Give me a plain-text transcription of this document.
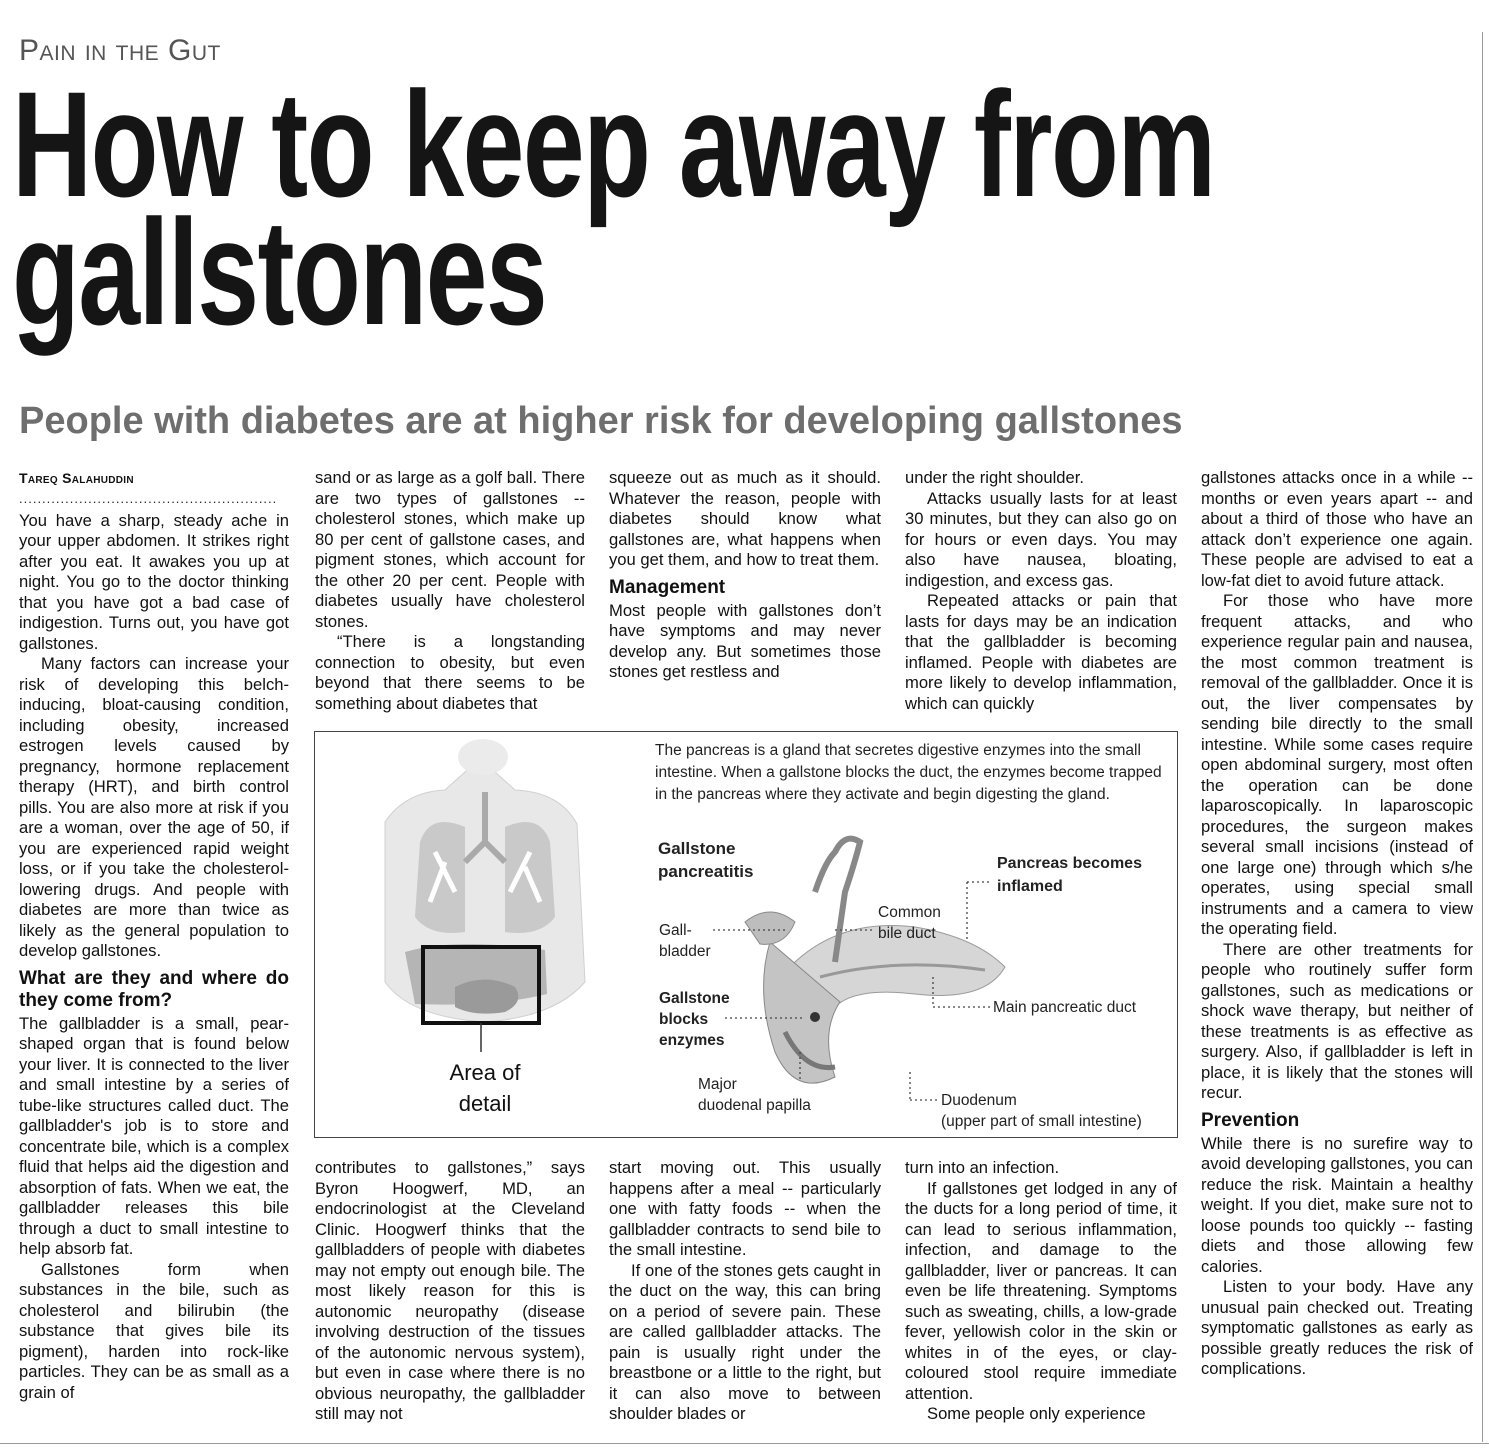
Pain in the Gut
How to keep away from
gallstones
People with diabetes are at higher risk for developing gallstones
Tareq Salahuddin
........................................................

You have a sharp, steady ache in your upper abdomen. It strikes right after you eat. It awakes you up at night. You go to the doctor thinking that you have got a bad case of indigestion. Turns out, you have got gallstones.

Many factors can increase your risk of developing this belch-inducing, bloat-causing condition, including obesity, increased estrogen levels caused by pregnancy, hormone replacement therapy (HRT), and birth control pills. You are also more at risk if you are a woman, over the age of 50, if you are experienced rapid weight loss, or if you take the cholesterol-lowering drugs. And people with diabetes are more than twice as likely as the general population to develop gallstones.

What are they and where do they come from?

The gallbladder is a small, pear-shaped organ that is found below your liver. It is connected to the liver and small intestine by a series of tube-like structures called duct. The gallbladder's job is to store and concentrate bile, which is a complex fluid that helps aid the digestion and absorption of fats. When we eat, the gallbladder releases this bile through a duct to small intestine to help absorb fat.

Gallstones form when substances in the bile, such as cholesterol and bilirubin (the substance that gives bile its pigment), harden into rock-like particles. They can be as small as a grain of

sand or as large as a golf ball. There are two types of gallstones -- cholesterol stones, which make up 80 per cent of gallstone cases, and pigment stones, which account for the other 20 per cent. People with diabetes usually have cholesterol stones.

“There is a longstanding connection to obesity, but even beyond that there seems to be something about diabetes that

squeeze out as much as it should. Whatever the reason, people with diabetes should know what gallstones are, what happens when you get them, and how to treat them.

Management

Most people with gallstones don’t have symptoms and may never develop any. But sometimes those stones get restless and

under the right shoulder.

Attacks usually lasts for at least 30 minutes, but they can also go on for hours or even days. You may also have nausea, bloating, indigestion, and excess gas.

Repeated attacks or pain that lasts for days may be an indication that the gallbladder is becoming inflamed. People with diabetes are more likely to develop inflammation, which can quickly

gallstones attacks once in a while -- months or even years apart -- and about a third of those who have an attack don’t experience one again. These people are advised to eat a low-fat diet to avoid future attack.

For those who have more frequent attacks, and who experience regular pain and nausea, the most common treatment is removal of the gallbladder. Once it is out, the liver compensates by sending bile directly to the small intestine. While some cases require open abdominal surgery, most often the operation can be done laparoscopically. In laparoscopic procedures, the surgeon makes several small incisions (instead of one large one) through which s/he operates, using special small instruments and a camera to view the operating field.

There are other treatments for people who routinely suffer form gallstones, such as medications or shock wave therapy, but neither of these treatments is as effective as surgery. Also, if gallbladder is left in place, it is likely that the stones will recur.

Prevention

While there is no surefire way to avoid developing gallstones, you can reduce the risk. Maintain a healthy weight. If you diet, make sure not to loose pounds too quickly -- fasting diets and those allowing few calories.

Listen to your body. Have any unusual pain checked out. Treating symptomatic gallstones as early as possible greatly reduces the risk of complications.

The pancreas is a gland that secretes digestive enzymes into the small intestine. When a gallstone blocks the duct, the enzymes become trapped in the pancreas where they activate and begin digesting the gland.
Gallstone
pancreatitis	Pancreas becomes
inflamed
Common
bile duct
Gall-
bladder
Gallstone
blocks
enzymes
Main pancreatic duct
Major
duodenal papilla	Duodenum
(upper part of small intestine)
Area of
detail

contributes to gallstones,” says Byron Hoogwerf, MD, an endocrinologist at the Cleveland Clinic. Hoogwerf thinks that the gallbladders of people with diabetes may not empty out enough bile. The most likely reason for this is autonomic neuropathy (disease involving destruction of the tissues of the autonomic nervous system), but even in case where there is no obvious neuropathy, the gallbladder still may not

start moving out. This usually happens after a meal -- particularly one with fatty foods -- when the gallbladder contracts to send bile to the small intestine.

If one of the stones gets caught in the duct on the way, this can bring on a period of severe pain. These are called gallbladder attacks. The pain is usually right under the breastbone or a little to the right, but it can also move to between shoulder blades or

turn into an infection.

If gallstones get lodged in any of the ducts for a long period of time, it can lead to serious inflammation, infection, and damage to the gallbladder, liver or pancreas. It can even be life threatening. Symptoms such as sweating, chills, a low-grade fever, yellowish color in the skin or whites in of the eyes, or clay-coloured stool require immediate attention.

Some people only experience
